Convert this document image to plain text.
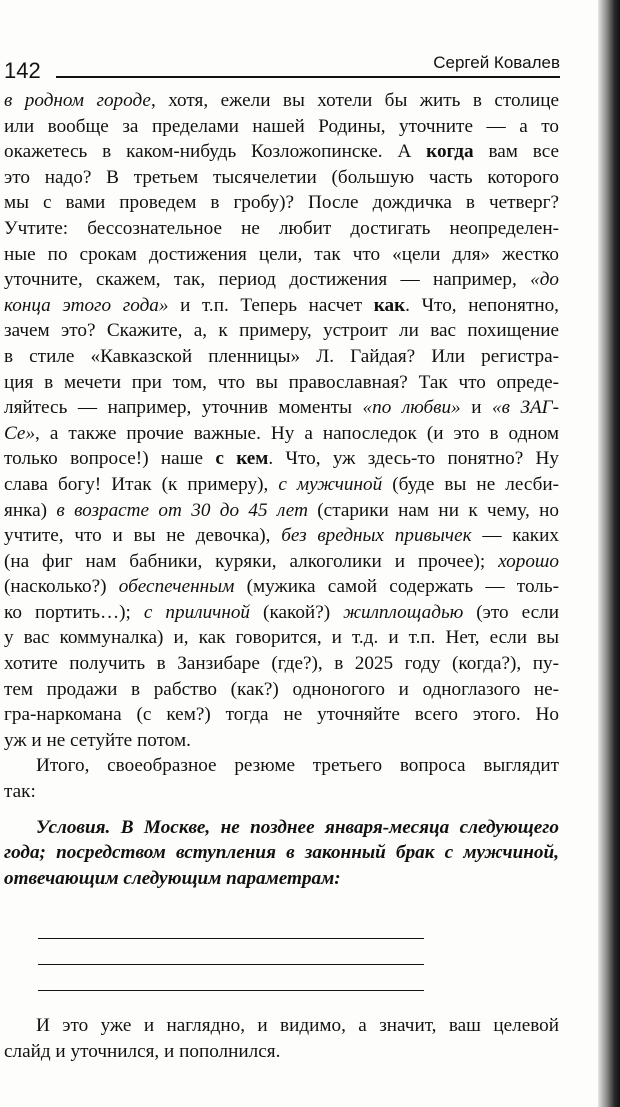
142	Сергей Ковалев

в родном городе, хотя, ежели вы хотели бы жить в столице
или вообще за пределами нашей Родины, уточните — а то
окажетесь в каком-нибудь Козложопинске. А когда вам все
это надо? В третьем тысячелетии (большую часть которого
мы с вами проведем в гробу)? После дождичка в четверг?
Учтите: бессознательное не любит достигать неопределен-
ные по срокам достижения цели, так что «цели для» жестко
уточните, скажем, так, период достижения — например, «до
конца этого года» и т.п. Теперь насчет как. Что, непонятно,
зачем это? Скажите, а, к примеру, устроит ли вас похищение
в стиле «Кавказской пленницы» Л. Гайдая? Или регистра-
ция в мечети при том, что вы православная? Так что опреде-
ляйтесь — например, уточнив моменты «по любви» и «в ЗАГ-
Се», а также прочие важные. Ну а напоследок (и это в одном
только вопросе!) наше с кем. Что, уж здесь-то понятно? Ну
слава богу! Итак (к примеру), с мужчиной (буде вы не лесби-
янка) в возрасте от 30 до 45 лет (старики нам ни к чему, но
учтите, что и вы не девочка), без вредных привычек — каких
(на фиг нам бабники, куряки, алкоголики и прочее); хорошо
(насколько?) обеспеченным (мужика самой содержать — толь-
ко портить…); с приличной (какой?) жилплощадью (это если
у вас коммуналка) и, как говорится, и т.д. и т.п. Нет, если вы
хотите получить в Занзибаре (где?), в 2025 году (когда?), пу-
тем продажи в рабство (как?) одноногого и одноглазого не-
гра-наркомана (с кем?) тогда не уточняйте всего этого. Но
уж и не сетуйте потом.

Итого, своеобразное резюме третьего вопроса выглядит
так:

Условия. В Москве, не позднее января-месяца следующего
года; посредством вступления в законный брак с мужчиной,
отвечающим следующим параметрам:

И это уже и наглядно, и видимо, а значит, ваш целевой
слайд и уточнился, и пополнился.
